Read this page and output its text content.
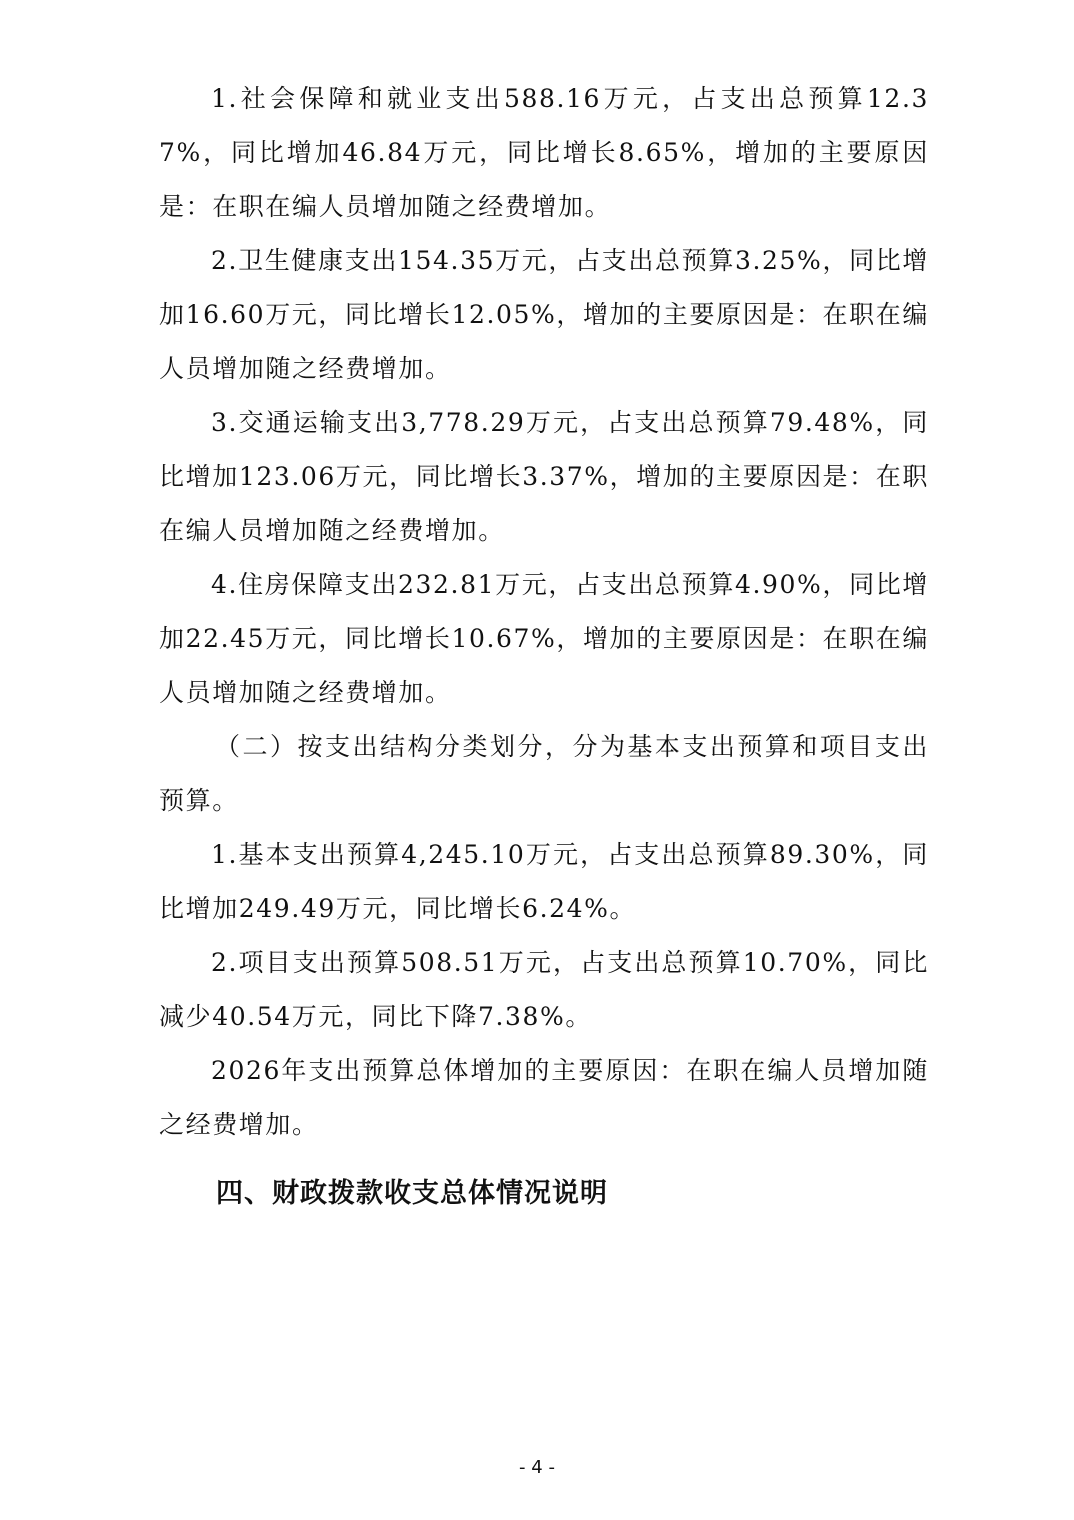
1.社会保障和就业支出588.16万元，占支出总预算12.37%，同比增加46.84万元，同比增长8.65%，增加的主要原因是：在职在编人员增加随之经费增加。

2.卫生健康支出154.35万元，占支出总预算3.25%，同比增加16.60万元，同比增长12.05%，增加的主要原因是：在职在编人员增加随之经费增加。

3.交通运输支出3,778.29万元，占支出总预算79.48%，同比增加123.06万元，同比增长3.37%，增加的主要原因是：在职在编人员增加随之经费增加。

4.住房保障支出232.81万元，占支出总预算4.90%，同比增加22.45万元，同比增长10.67%，增加的主要原因是：在职在编人员增加随之经费增加。

（二）按支出结构分类划分，分为基本支出预算和项目支出预算。

1.基本支出预算4,245.10万元，占支出总预算89.30%，同比增加249.49万元，同比增长6.24%。

2.项目支出预算508.51万元，占支出总预算10.70%，同比减少40.54万元，同比下降7.38%。

2026年支出预算总体增加的主要原因：在职在编人员增加随之经费增加。

四、财政拨款收支总体情况说明
- 4 -
